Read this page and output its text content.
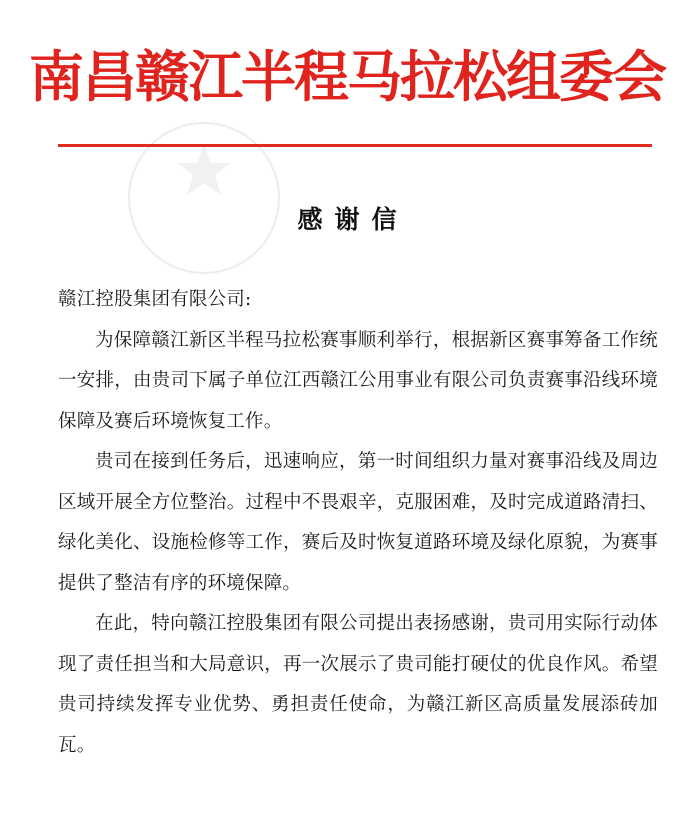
南昌赣江半程马拉松组委会
感谢信

赣江控股集团有限公司:

为保障赣江新区半程马拉松赛事顺利举行，根据新区赛事筹备工作统一安排，由贵司下属子单位江西赣江公用事业有限公司负责赛事沿线环境保障及赛后环境恢复工作。

贵司在接到任务后，迅速响应，第一时间组织力量对赛事沿线及周边区域开展全方位整治。过程中不畏艰辛，克服困难，及时完成道路清扫、绿化美化、设施检修等工作，赛后及时恢复道路环境及绿化原貌，为赛事提供了整洁有序的环境保障。

在此，特向赣江控股集团有限公司提出表扬感谢，贵司用实际行动体现了责任担当和大局意识，再一次展示了贵司能打硬仗的优良作风。希望贵司持续发挥专业优势、勇担责任使命，为赣江新区高质量发展添砖加瓦。
